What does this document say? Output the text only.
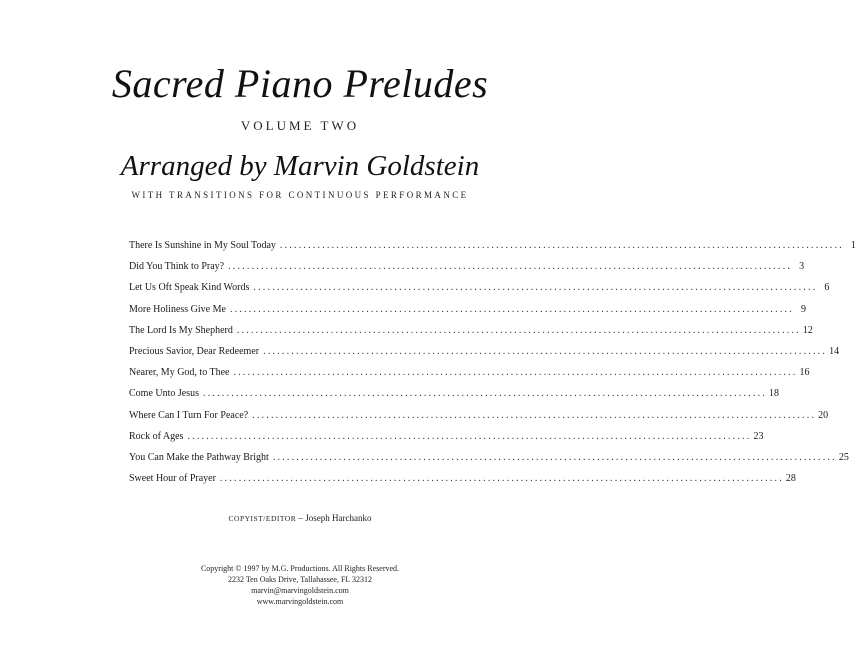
Sacred Piano Preludes
VOLUME TWO
Arranged by Marvin Goldstein
WITH TRANSITIONS FOR CONTINUOUS PERFORMANCE
There Is Sunshine in My Soul Today ........................................................................................................................ 1
Did You Think to Pray? ........................................................................................................................ 3
Let Us Oft Speak Kind Words ........................................................................................................................ 6
More Holiness Give Me ........................................................................................................................ 9
The Lord Is My Shepherd ........................................................................................................................ 12
Precious Savior, Dear Redeemer ........................................................................................................................ 14
Nearer, My God, to Thee ........................................................................................................................ 16
Come Unto Jesus ........................................................................................................................ 18
Where Can I Turn For Peace? ........................................................................................................................ 20
Rock of Ages ........................................................................................................................ 23
You Can Make the Pathway Bright ........................................................................................................................ 25
Sweet Hour of Prayer ........................................................................................................................ 28
COPYIST/EDITOR – Joseph Harchanko
Copyright © 1997 by M.G. Productions. All Rights Reserved.
2232 Ten Oaks Drive, Tallahassee, FL 32312
marvin@marvingoldstein.com
www.marvingoldstein.com
